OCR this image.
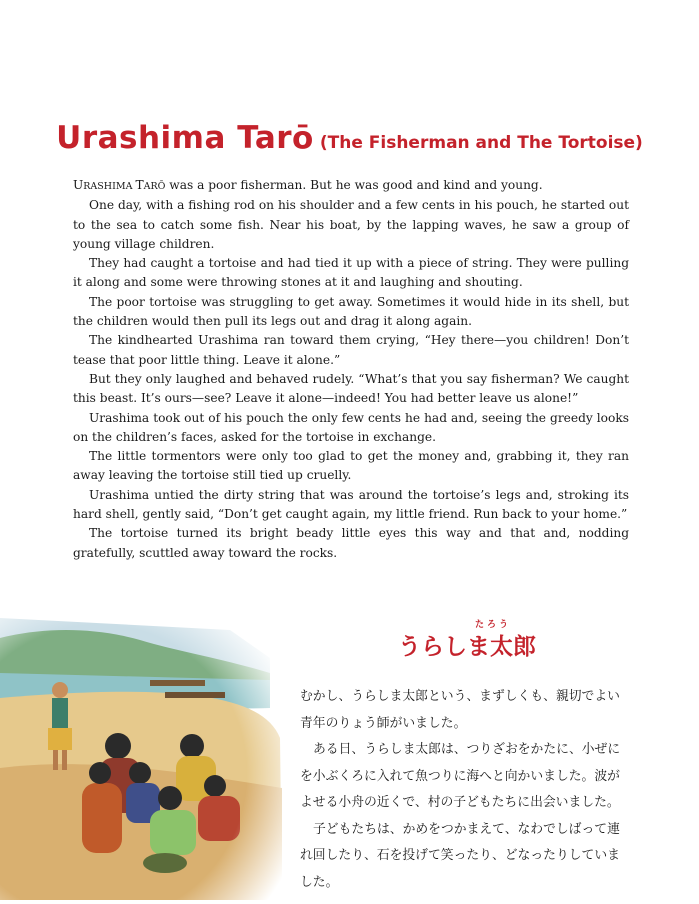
Urashima Tarō (The Fisherman and The Tortoise)

URASHIMA TARŌ was a poor fisherman. But he was good and kind and young.

One day, with a fishing rod on his shoulder and a few cents in his pouch, he started out to the sea to catch some fish. Near his boat, by the lapping waves, he saw a group of young village children.

They had caught a tortoise and had tied it up with a piece of string. They were pulling it along and some were throwing stones at it and laughing and shouting.

The poor tortoise was struggling to get away. Sometimes it would hide in its shell, but the children would then pull its legs out and drag it along again.

The kindhearted Urashima ran toward them crying, “Hey there—you children! Don’t tease that poor little thing. Leave it alone.”

But they only laughed and behaved rudely. “What’s that you say fisherman? We caught this beast. It’s ours—see? Leave it alone—indeed! You had better leave us alone!”

Urashima took out of his pouch the only few cents he had and, seeing the greedy looks on the children’s faces, asked for the tortoise in exchange.

The little tormentors were only too glad to get the money and, grabbing it, they ran away leaving the tortoise still tied up cruelly.

Urashima untied the dirty string that was around the tortoise’s legs and, stroking its hard shell, gently said, “Don’t get caught again, my little friend. Run back to your home.”

The tortoise turned its bright beady little eyes this way and that and, nodding gratefully, scuttled away toward the rocks.

たろう
うらしま太郎

むかし、うらしま太郎という、まずしくも、親切でよい青年のりょう師がいました。

ある日、うらしま太郎は、つりざおをかたに、小ぜにを小ぶくろに入れて魚つりに海へと向かいました。波がよせる小舟の近くで、村の子どもたちに出会いました。

子どもたちは、かめをつかまえて、なわでしばって連れ回したり、石を投げて笑ったり、どなったりしていました。
